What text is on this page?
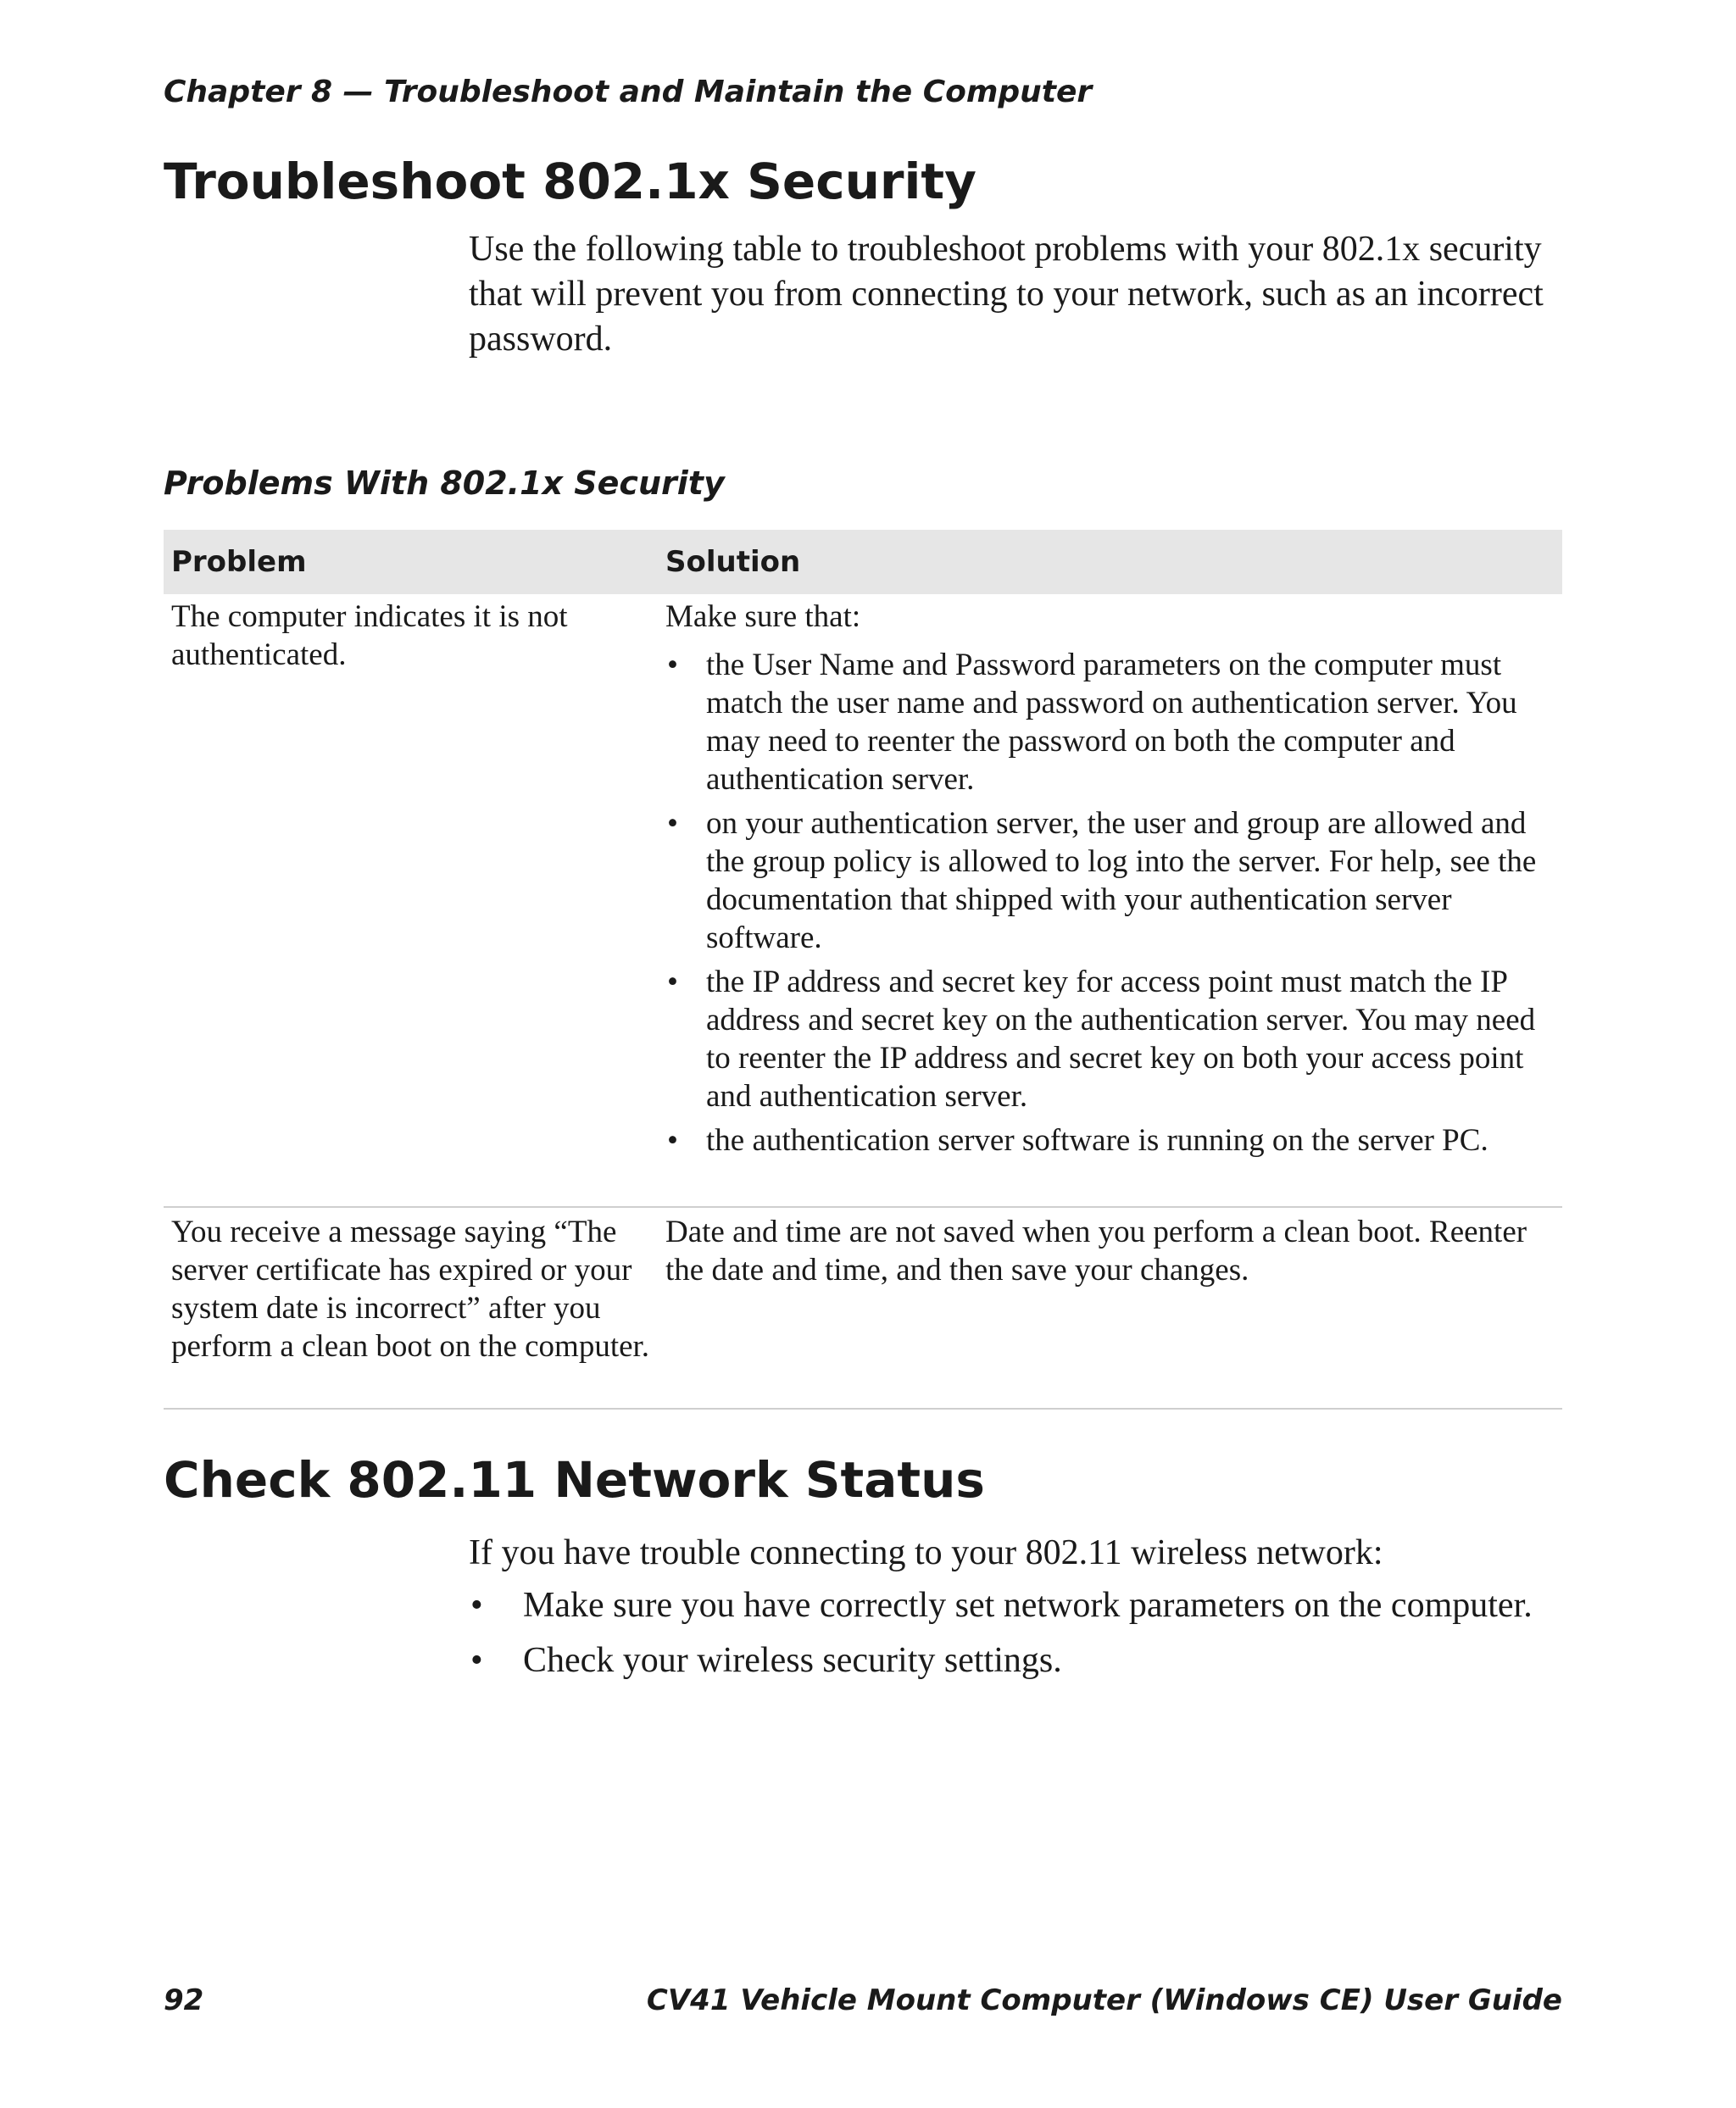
Chapter 8 — Troubleshoot and Maintain the Computer
Troubleshoot 802.1x Security
Use the following table to troubleshoot problems with your 802.1x security that will prevent you from connecting to your network, such as an incorrect password.
Problems With 802.1x Security
Problem	Solution
The computer indicates it is not authenticated.
Make sure that:
• the User Name and Password parameters on the computer must match the user name and password on authentication server. You may need to reenter the password on both the computer and authentication server.
• on your authentication server, the user and group are allowed and the group policy is allowed to log into the server. For help, see the documentation that shipped with your authentication server software.
• the IP address and secret key for access point must match the IP address and secret key on the authentication server. You may need to reenter the IP address and secret key on both your access point and authentication server.
• the authentication server software is running on the server PC.
You receive a message saying “The server certificate has expired or your system date is incorrect” after you perform a clean boot on the computer.
Date and time are not saved when you perform a clean boot. Reenter the date and time, and then save your changes.
Check 802.11 Network Status
If you have trouble connecting to your 802.11 wireless network:
• Make sure you have correctly set network parameters on the computer.
• Check your wireless security settings.
92	CV41 Vehicle Mount Computer (Windows CE) User Guide
